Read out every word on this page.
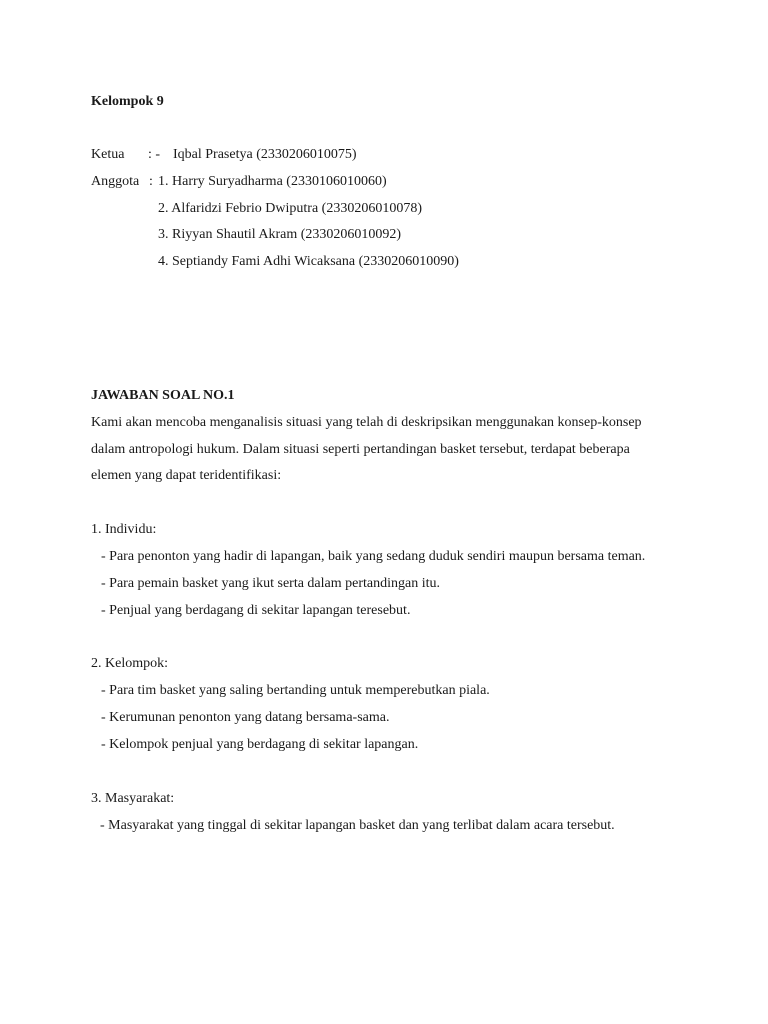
Kelompok 9
Ketua : - Iqbal Prasetya (2330206010075)
Anggota : 1. Harry Suryadharma (2330106010060)
2. Alfaridzi Febrio Dwiputra (2330206010078)
3. Riyyan Shautil Akram (2330206010092)
4. Septiandy Fami Adhi Wicaksana (2330206010090)
JAWABAN SOAL NO.1
Kami akan mencoba menganalisis situasi yang telah di deskripsikan menggunakan konsep-konsep
dalam antropologi hukum. Dalam situasi seperti pertandingan basket tersebut, terdapat beberapa
elemen yang dapat teridentifikasi:
1. Individu:
- Para penonton yang hadir di lapangan, baik yang sedang duduk sendiri maupun bersama teman.
- Para pemain basket yang ikut serta dalam pertandingan itu.
- Penjual yang berdagang di sekitar lapangan teresebut.
2. Kelompok:
- Para tim basket yang saling bertanding untuk memperebutkan piala.
- Kerumunan penonton yang datang bersama-sama.
- Kelompok penjual yang berdagang di sekitar lapangan.
3. Masyarakat:
- Masyarakat yang tinggal di sekitar lapangan basket dan yang terlibat dalam acara tersebut.
